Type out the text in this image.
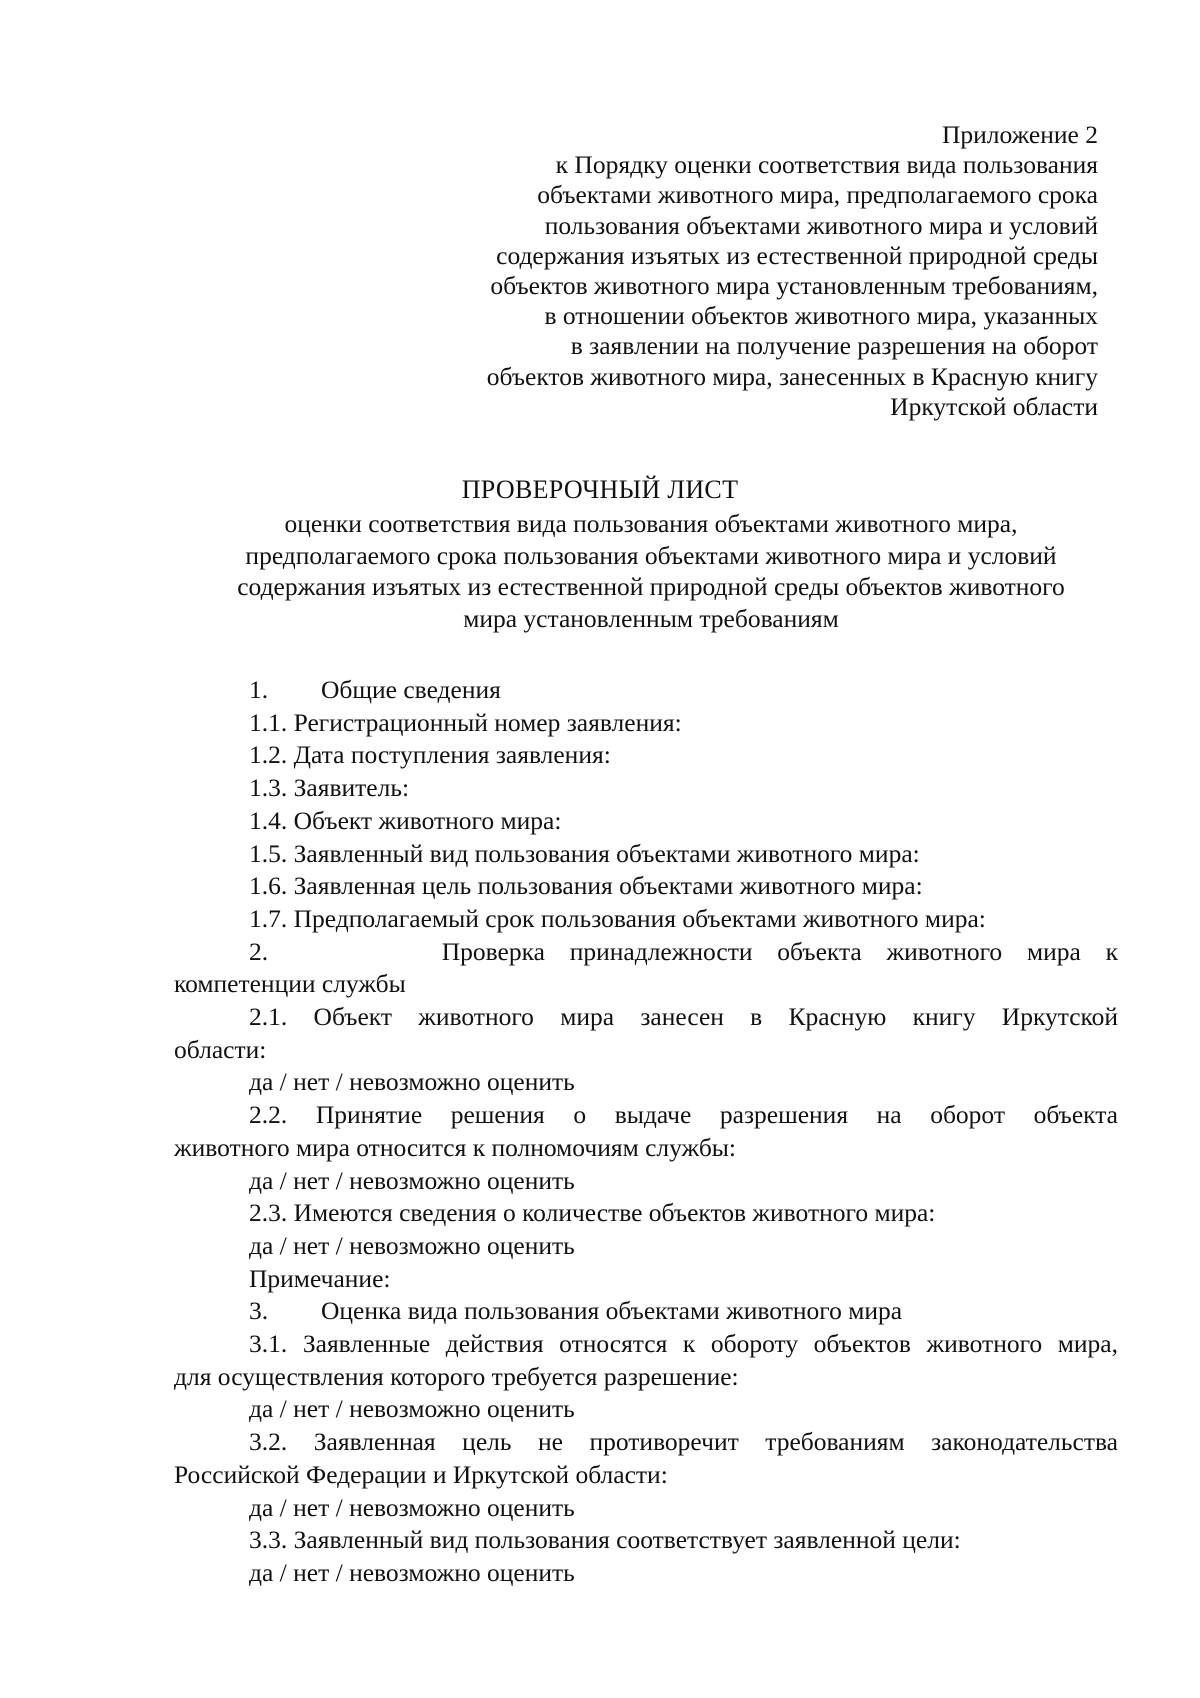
Приложение 2
к Порядку оценки соответствия вида пользования
объектами животного мира, предполагаемого срока
пользования объектами животного мира и условий
содержания изъятых из естественной природной среды
объектов животного мира установленным требованиям,
в отношении объектов животного мира, указанных
в заявлении на получение разрешения на оборот
объектов животного мира, занесенных в Красную книгу
Иркутской области
ПРОВЕРОЧНЫЙ ЛИСТ
оценки соответствия вида пользования объектами животного мира,
предполагаемого срока пользования объектами животного мира и условий
содержания изъятых из естественной природной среды объектов животного
мира установленным требованиям
1. Общие сведения
1.1. Регистрационный номер заявления:
1.2. Дата поступления заявления:
1.3. Заявитель:
1.4. Объект животного мира:
1.5. Заявленный вид пользования объектами животного мира:
1.6. Заявленная цель пользования объектами животного мира:
1.7. Предполагаемый срок пользования объектами животного мира:
2.	Проверка принадлежности объекта животного мира к
компетенции службы
2.1. Объект животного мира занесен в Красную книгу Иркутской
области:
да / нет / невозможно оценить
2.2. Принятие решения о выдаче разрешения на оборот объекта
животного мира относится к полномочиям службы:
да / нет / невозможно оценить
2.3. Имеются сведения о количестве объектов животного мира:
да / нет / невозможно оценить
Примечание:
3. Оценка вида пользования объектами животного мира
3.1. Заявленные действия относятся к обороту объектов животного мира,
для осуществления которого требуется разрешение:
да / нет / невозможно оценить
3.2. Заявленная цель не противоречит требованиям законодательства
Российской Федерации и Иркутской области:
да / нет / невозможно оценить
3.3. Заявленный вид пользования соответствует заявленной цели:
да / нет / невозможно оценить
